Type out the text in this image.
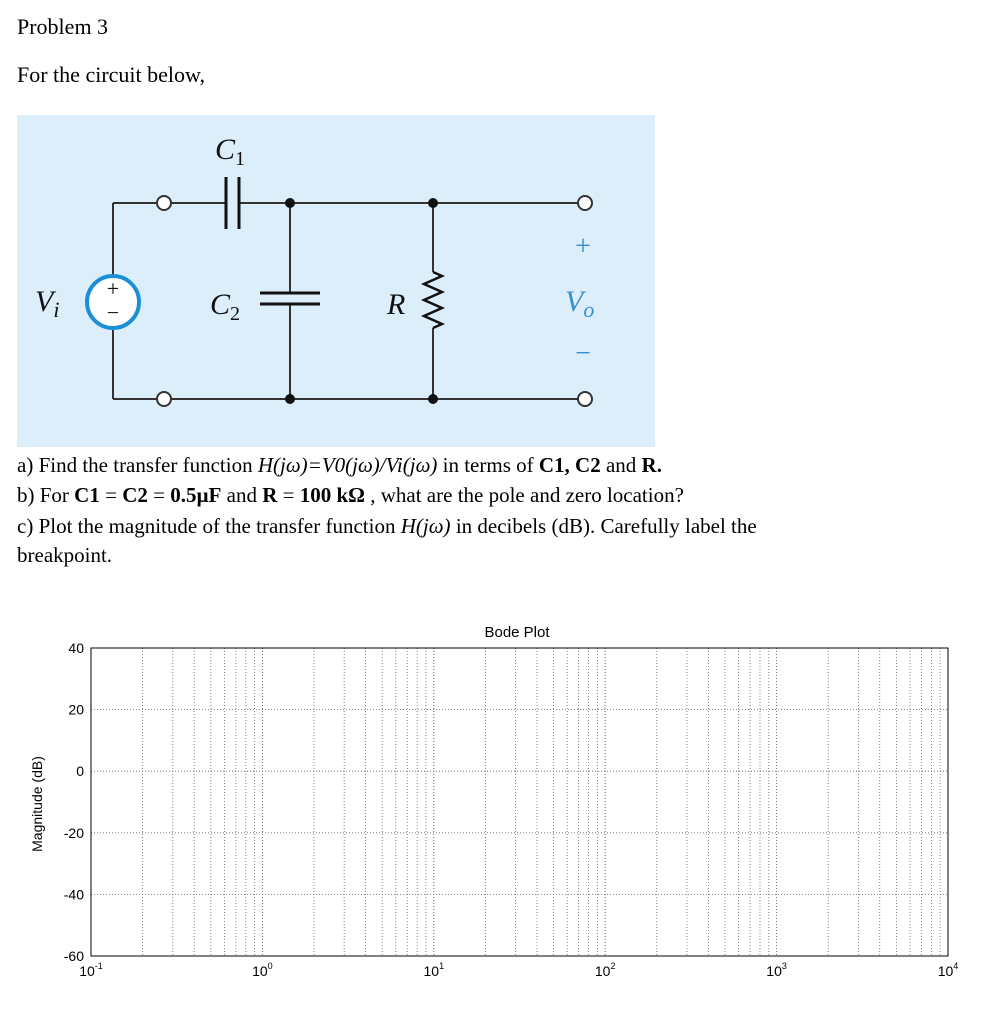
Problem 3
For the circuit below,
+
−
$C_1$
$C_2$	R
$V_i$	$V_o$
+
−
a) Find the transfer function H(jω)=V0(jω)/Vi(jω) in terms of C1, C2 and R.
b) For C1 = C2 = 0.5µF and R = 100 kΩ , what are the pole and zero location?
c) Plot the magnitude of the transfer function H(jω) in decibels (dB). Carefully label the
breakpoint.
Bode Plot
Magnitude (dB)
40
20
0
-20
-40
-60
$10^{-1}$	$10^0$	$10^1$	$10^2$	$10^3$	$10^4$
